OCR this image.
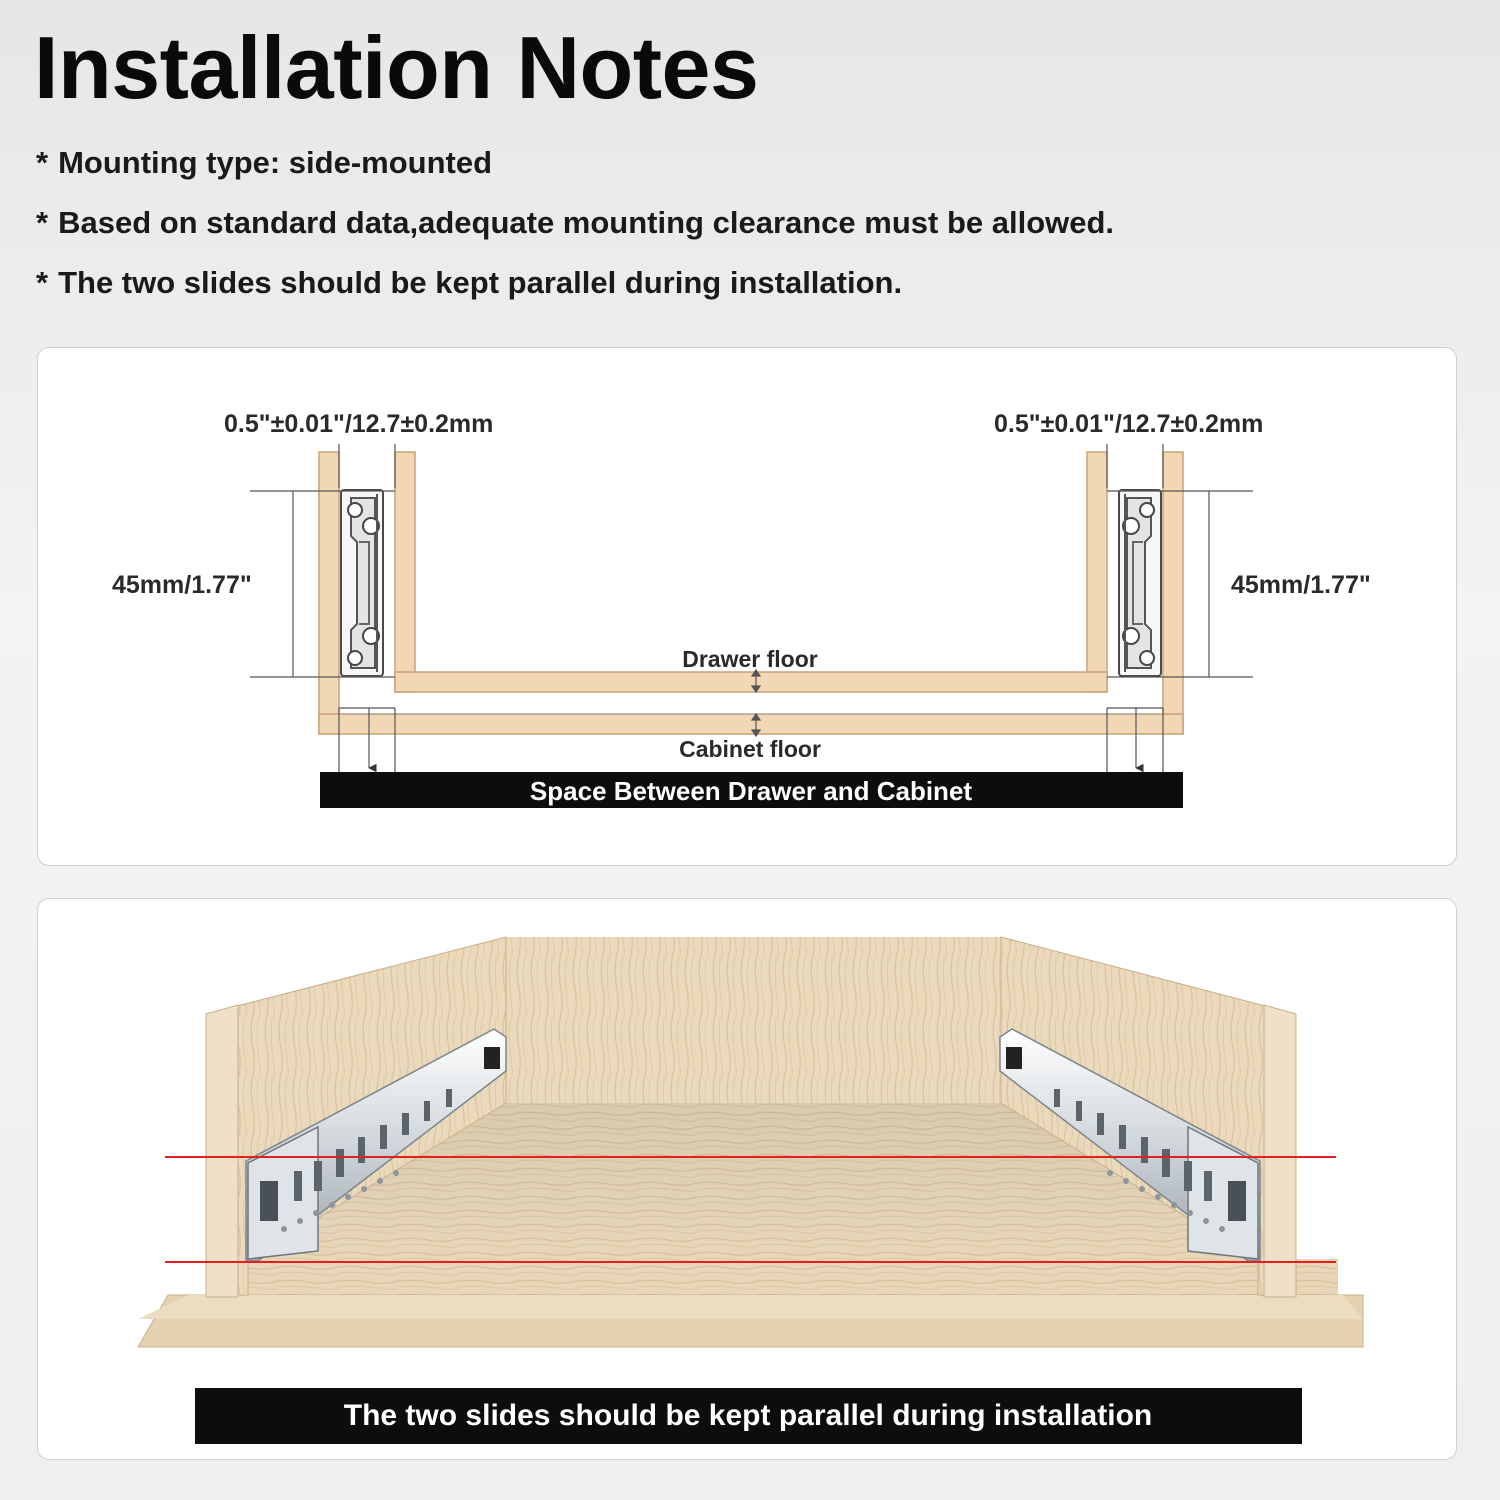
Installation Notes
* Mounting type: side-mounted
* Based on standard data,adequate mounting clearance must be allowed.
* The two slides should be kept parallel during installation.
0.5"±0.01"/12.7±0.2mm	0.5"±0.01"/12.7±0.2mm
45mm/1.77"	45mm/1.77"
Drawer floor
Cabinet floor
Space Between Drawer and Cabinet
The two slides should be kept parallel during installation
